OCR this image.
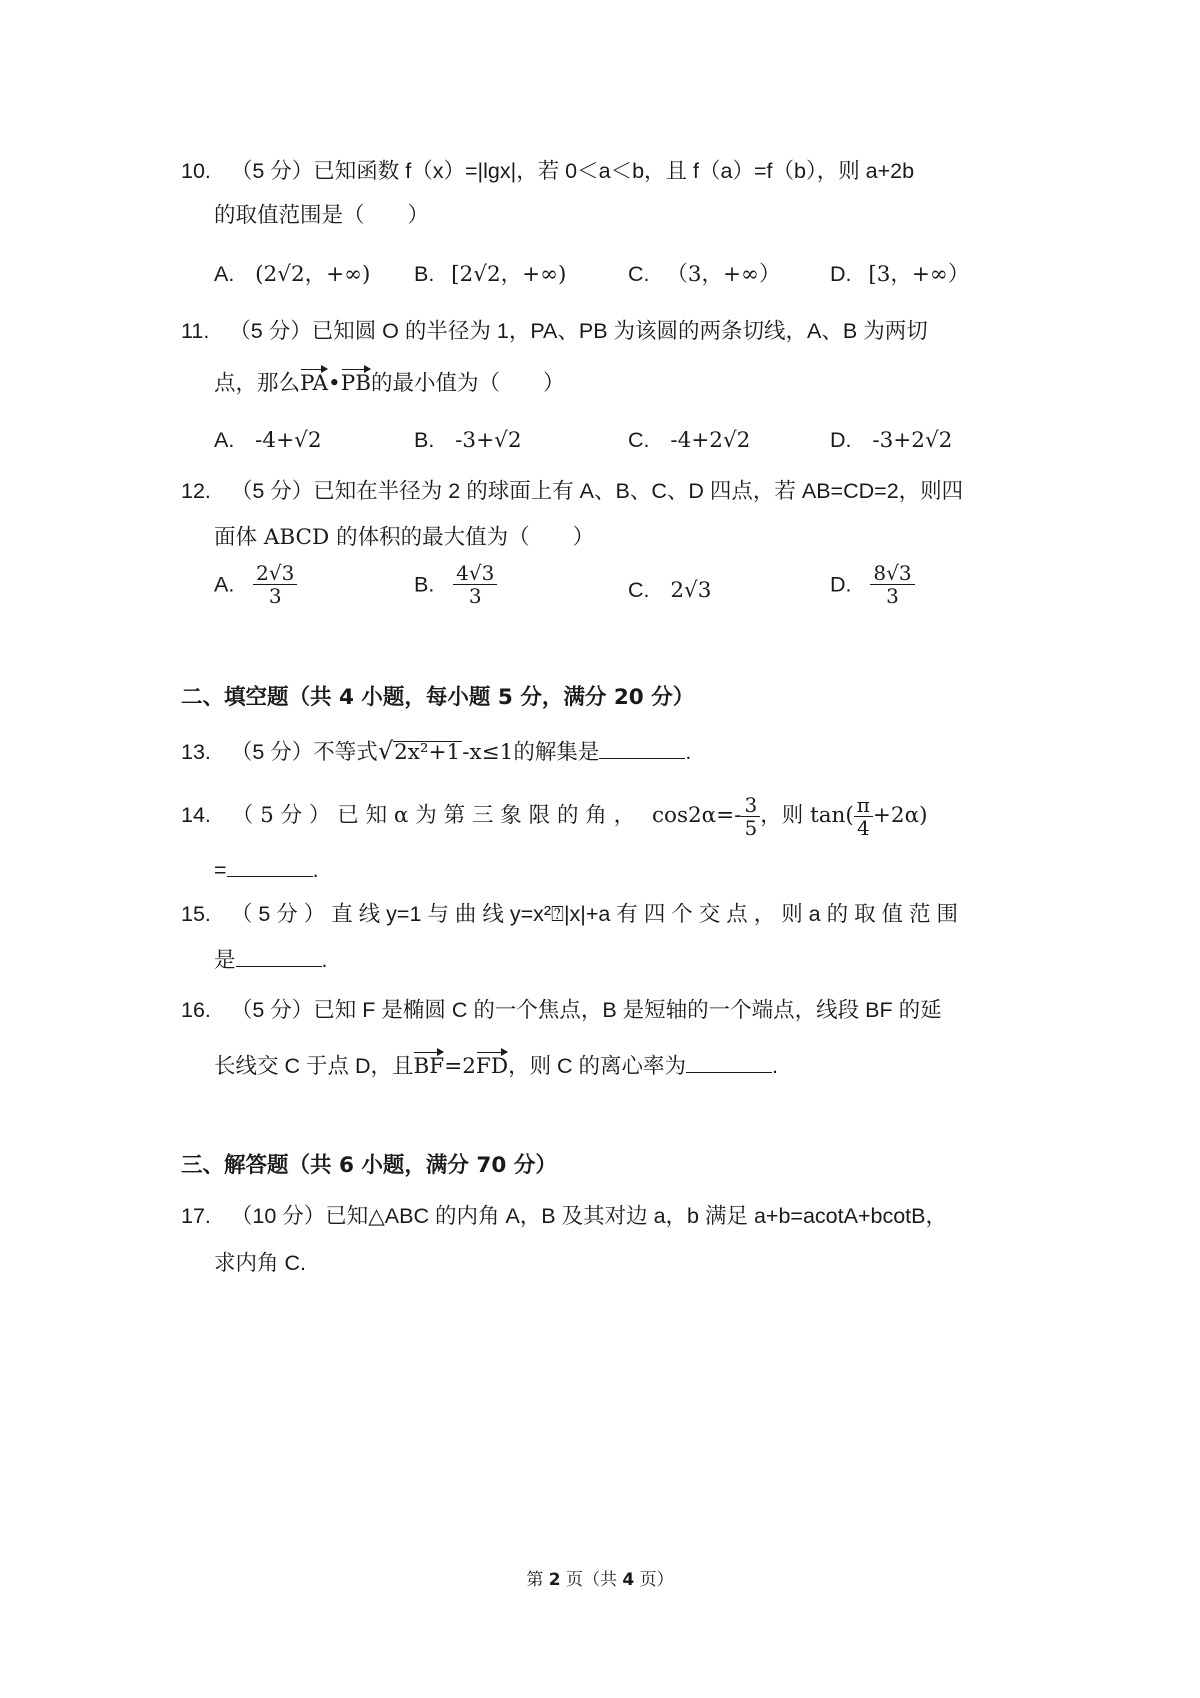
10. （5 分）已知函数 f（x）=|lgx|，若 0＜a＜b，且 f（a）=f（b），则 a+2b
的取值范围是（　　）
A. (2√2，+∞) B. [2√2，+∞)	C. （3，+∞） D. [3，+∞）
11. （5 分）已知圆 O 的半径为 1，PA、PB 为该圆的两条切线，A、B 为两切
点，那么PA•PB的最小值为（　　）
A. -4+√2	B. -3+√2	C. -4+2√2	D. -3+2√2
12. （5 分）已知在半径为 2 的球面上有 A、B、C、D 四点，若 AB=CD=2，则四
面体 ABCD 的体积的最大值为（　　）
A. $\frac{2√3}{3}$	B. $\frac{4√3}{3}$	C. 2√3	D. $\frac{8√3}{3}$
二、填空题（共 4 小题，每小题 5 分，满分 20 分）
13. （5 分）不等式√2x²+1-x≤1的解集是	.
14. （ 5 分 ） 已 知 α 为 第 三 象 限 的 角 ， $\cos 2\alpha=- \frac{3}{5}$ ，则 $\tan( \frac{\pi}{4} +2\alpha)$
=	.
15. （ 5 分 ） 直 线 y=1 与 曲 线 y=x²⍰|x|+a 有 四 个 交 点 ， 则 a 的 取 值 范 围
是	.
16. （5 分）已知 F 是椭圆 C 的一个焦点，B 是短轴的一个端点，线段 BF 的延
长线交 C 于点 D，且BF=2FD，则 C 的离心率为	.
三、解答题（共 6 小题，满分 70 分）
17. （10 分）已知△ABC 的内角 A，B 及其对边 a，b 满足 a+b=acotA+bcotB，
求内角 C.
第 2 页（共 4 页）
